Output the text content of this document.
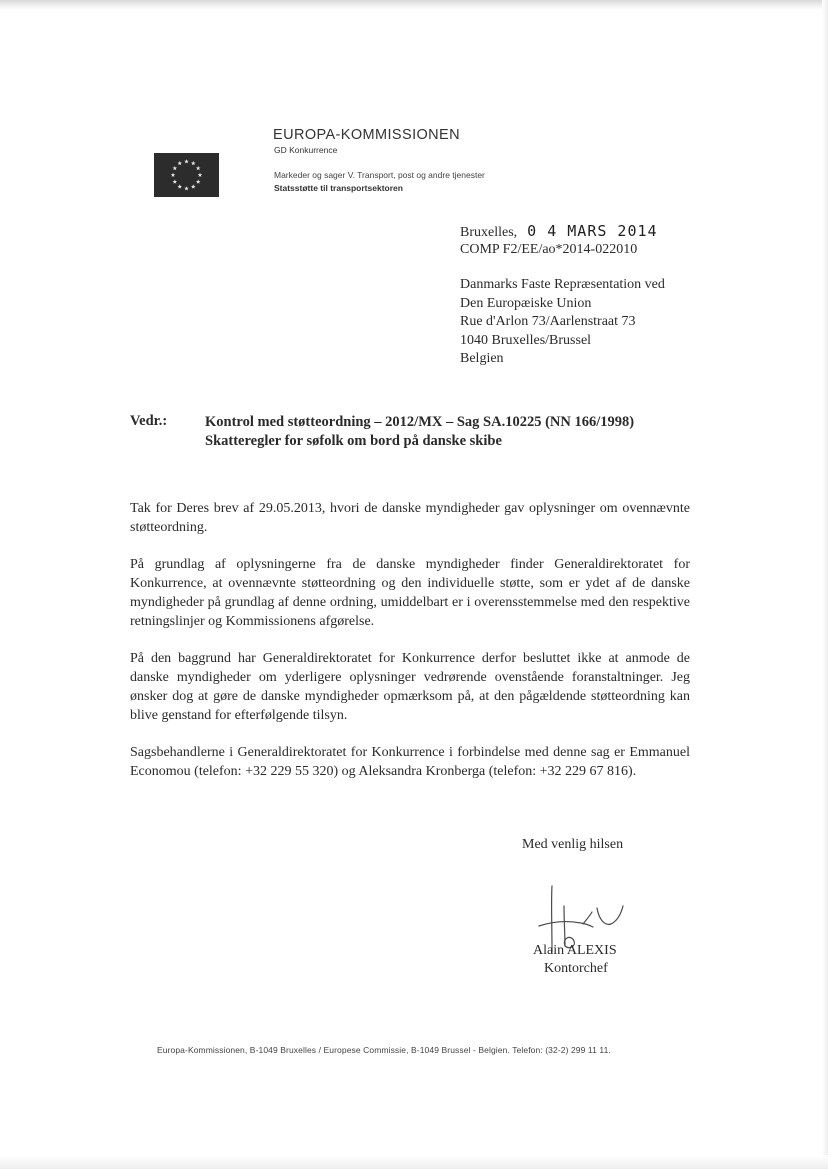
EUROPA-KOMMISSIONEN
GD Konkurrence
Markeder og sager V. Transport, post og andre tjenester
Statsstøtte til transportsektoren
Bruxelles, 0 4 MARS 2014
COMP F2/EE/ao*2014-022010
Danmarks Faste Repræsentation ved
Den Europæiske Union
Rue d'Arlon 73/Aarlenstraat 73
1040 Bruxelles/Brussel
Belgien
Vedr.:	Kontrol med støtteordning – 2012/MX – Sag SA.10225 (NN 166/1998)
Skatteregler for søfolk om bord på danske skibe

Tak for Deres brev af 29.05.2013, hvori de danske myndigheder gav oplysninger om ovennævnte støtteordning.

På grundlag af oplysningerne fra de danske myndigheder finder Generaldirektoratet for Konkurrence, at ovennævnte støtteordning og den individuelle støtte, som er ydet af de danske myndigheder på grundlag af denne ordning, umiddelbart er i overensstemmelse med den respektive retningslinjer og Kommissionens afgørelse.

På den baggrund har Generaldirektoratet for Konkurrence derfor besluttet ikke at anmode de danske myndigheder om yderligere oplysninger vedrørende ovenstående foranstaltninger. Jeg ønsker dog at gøre de danske myndigheder opmærksom på, at den pågældende støtteordning kan blive genstand for efterfølgende tilsyn.

Sagsbehandlerne i Generaldirektoratet for Konkurrence i forbindelse med denne sag er Emmanuel Economou (telefon: +32 229 55 320) og Aleksandra Kronberga (telefon: +32 229 67 816).

Med venlig hilsen
Alain ALEXIS
Kontorchef
Europa-Kommissionen, B-1049 Bruxelles / Europese Commissie, B-1049 Brussel - Belgien. Telefon: (32-2) 299 11 11.
